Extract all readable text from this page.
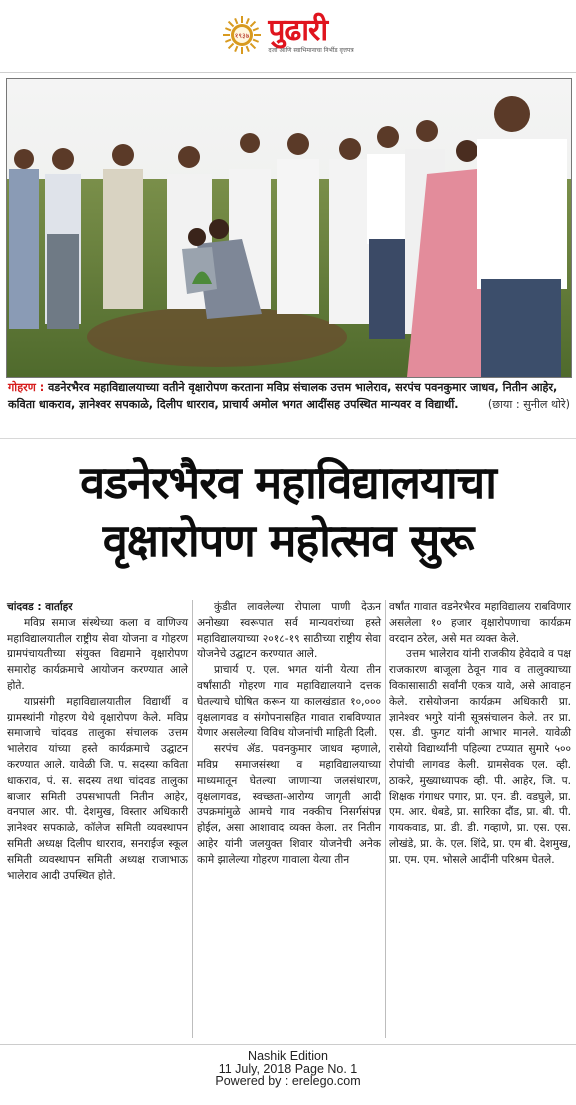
१९३७ पुढारी
दर्जा आणि स्वाभिमानाचा निर्भीड वृत्तपत्र
गोहरण : वडनेरभैरव महाविद्यालयाच्या वतीने वृक्षारोपण करताना मविप्र संचालक उत्तम भालेराव, सरपंच पवनकुमार जाधव, नितीन आहेर, कविता धाकराव, ज्ञानेश्वर सपकाळे, दिलीप धारराव, प्राचार्य अमोल भगत आदींसह उपस्थित मान्यवर व विद्यार्थी.	(छाया : सुनील थोरे)
वडनेरभैरव महाविद्यालयाचा
वृक्षारोपण महोत्सव सुरू

चांदवड : वार्ताहर

मविप्र समाज संस्थेच्या कला व वाणिज्य महाविद्यालयातील राष्ट्रीय सेवा योजना व गोहरण ग्रामपंचायतीच्या संयुक्त विद्यमाने वृक्षारोपण समारोह कार्यक्रमाचे आयोजन करण्यात आले होते.

याप्रसंगी महाविद्यालयातील विद्यार्थी व ग्रामस्थांनी गोहरण येथे वृक्षारोपण केले. मविप्र समाजाचे चांदवड तालुका संचालक उत्तम भालेराव यांच्या हस्ते कार्यक्रमाचे उद्घाटन करण्यात आले. यावेळी जि. प. सदस्या कविता धाकराव, पं. स. सदस्य तथा चांदवड तालुका बाजार समिती उपसभापती नितीन आहेर, वनपाल आर. पी. देशमुख, विस्तार अधिकारी ज्ञानेश्वर सपकाळे, कॉलेज समिती व्यवस्थापन समिती अध्यक्ष दिलीप धारराव, सनराईज स्कूल समिती व्यवस्थापन समिती अध्यक्ष राजाभाऊ भालेराव आदी उपस्थित होते.

कुंडीत लावलेल्या रोपाला पाणी देऊन अनोख्या स्वरूपात सर्व मान्यवरांच्या हस्ते महाविद्यालयाच्या २०१८-१९ साठीच्या राष्ट्रीय सेवा योजनेचे उद्घाटन करण्यात आले.

प्राचार्य ए. एल. भगत यांनी येत्या तीन वर्षांसाठी गोहरण गाव महाविद्यालयाने दत्तक घेतल्याचे घोषित करून या कालखंडात १०,००० वृक्षलागवड व संगोपनासहित गावात राबविण्यात येणार असलेल्या विविध योजनांची माहिती दिली.

सरपंच ॲड. पवनकुमार जाधव म्हणाले, मविप्र समाजसंस्था व महाविद्यालयाच्या माध्यमातून घेतल्या जाणाऱ्या जलसंधारण, वृक्षलागवड, स्वच्छता-आरोग्य जागृती आदी उपक्रमांमुळे आमचे गाव नक्कीच निसर्गसंपन्न होईल, असा आशावाद व्यक्त केला. तर नितीन आहेर यांनी जलयुक्त शिवार योजनेची अनेक कामे झालेल्या गोहरण गावाला येत्या तीन

वर्षांत गावात वडनेरभैरव महाविद्यालय राबविणार असलेला १० हजार वृक्षारोपणाचा कार्यक्रम वरदान ठरेल, असे मत व्यक्त केले.

उत्तम भालेराव यांनी राजकीय हेवेदावे व पक्ष राजकारण बाजूला ठेवून गाव व तालुक्याच्या विकासासाठी सर्वांनी एकत्र यावे, असे आवाहन केले. रासेयोजना कार्यक्रम अधिकारी प्रा. ज्ञानेश्वर भगुरे यांनी सूत्रसंचालन केले. तर प्रा. एस. डी. फुगट यांनी आभार मानले. यावेळी रासेयो विद्यार्थ्यांनी पहिल्या टप्प्यात सुमारे ५०० रोपांची लागवड केली. ग्रामसेवक एल. व्ही. ठाकरे, मुख्याध्यापक व्ही. पी. आहेर, जि. प. शिक्षक गंगाधर पगार, प्रा. एन. डी. वडघुले, प्रा. एम. आर. धेबडे, प्रा. सारिका दौंड, प्रा. बी. पी. गायकवाड, प्रा. डी. डी. गव्हाणे, प्रा. एस. एस. लोखंडे, प्रा. के. एल. शिंदे, प्रा. एम बी. देशमुख, प्रा. एम. एम. भोसले आदींनी परिश्रम घेतले.

Nashik Edition
11 July, 2018 Page No. 1
Powered by : erelego.com
